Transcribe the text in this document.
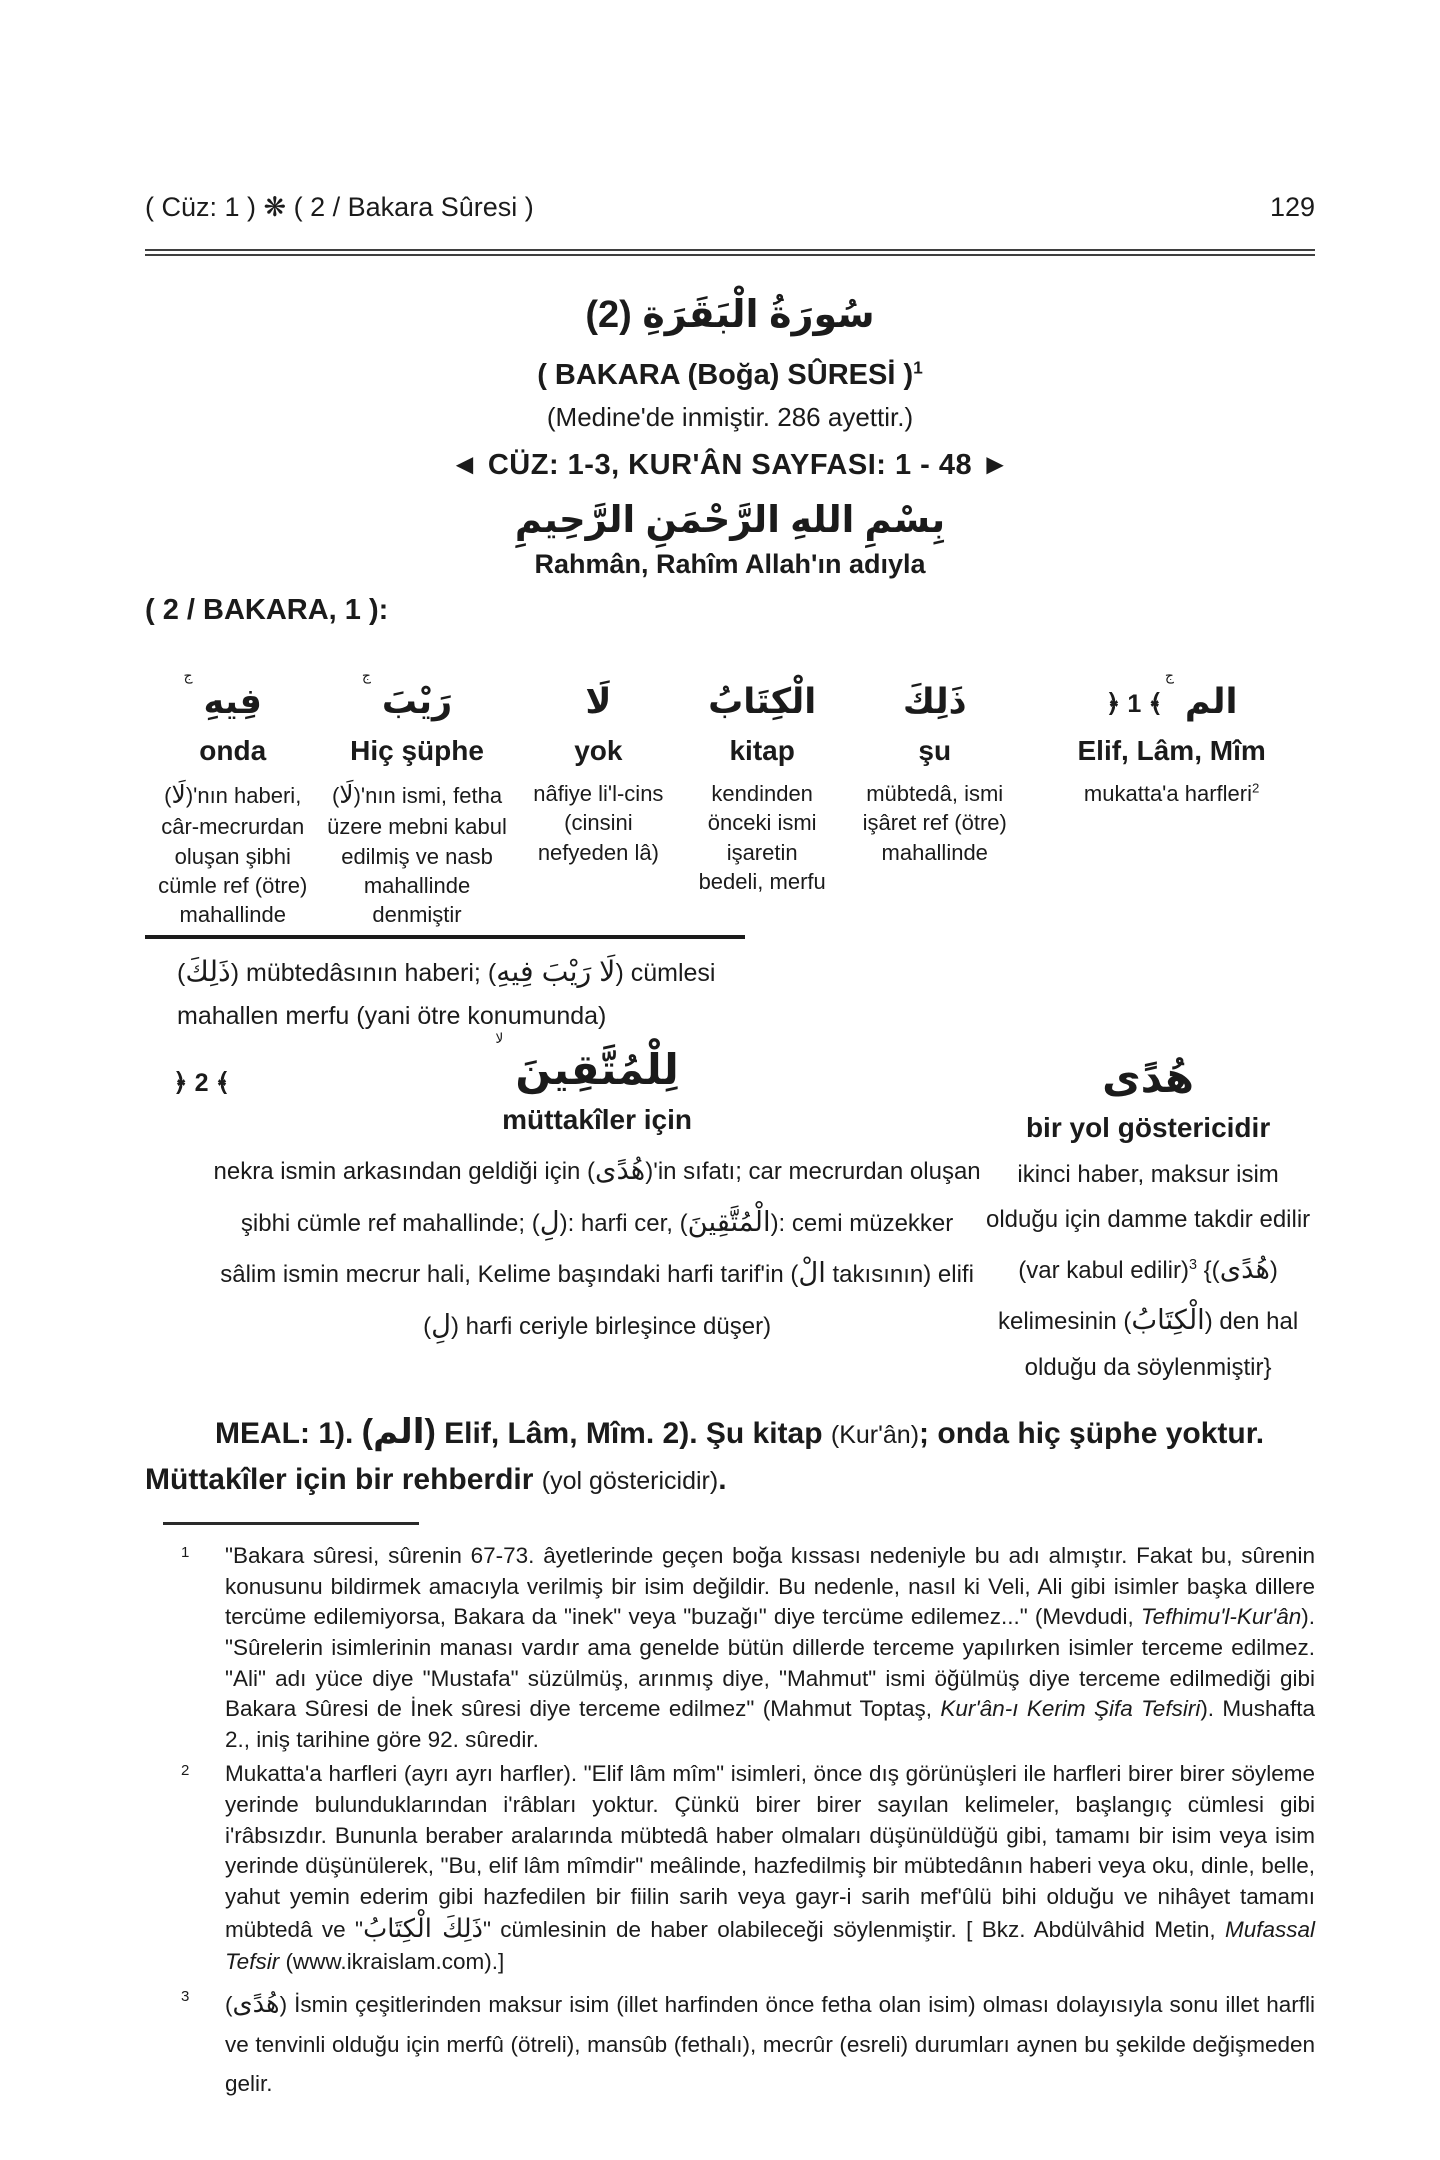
( Cüz: 1 ) ❋ ( 2 / Bakara Sûresi )	129
سُورَةُ الْبَقَرَةِ (2)
( BAKARA (Boğa) SÛRESİ )$^1$
(Medine'de inmiştir. 286 ayettir.)
◄ CÜZ: 1-3, KUR'ÂN SAYFASI: 1 - 48 ►
بِسْمِ اللهِ الرَّحْمَنِ الرَّحِيمِ
Rahmân, Rahîm Allah'ın adıyla
( 2 / BAKARA, 1 ):
ج
فِيهِ
onda
(لَا)'nın haberi, câr-mecrurdan oluşan şibhi cümle ref (ötre) mahallinde
ج
رَيْبَ
Hiç şüphe
(لَا)'nın ismi, fetha üzere mebni kabul edilmiş ve nasb mahallinde denmiştir
لَا
yok
nâfiye li'l-cins (cinsini nefyeden lâ)
الْكِتَابُ
kitap
kendinden önceki ismi işaretin bedeli, merfu
ذَلِكَ
şu
mübtedâ, ismi işâret ref (ötre) mahallinde
﴿ 1 ﴾
ج
الم
Elif, Lâm, Mîm
mukatta'a harfleri$^2$
(ذَلِكَ) mübtedâsının haberi; (لَا رَيْبَ فِيهِ) cümlesi
mahallen merfu (yani ötre konumunda)
﴿ 2 ﴾
لا
لِلْمُتَّقِينَ
müttakîler için
nekra ismin arkasından geldiği için (هُدًى)'in sıfatı; car mecrurdan oluşan şibhi cümle ref mahallinde; (لِ): harfi cer, (الْمُتَّقِينَ): cemi müzekker sâlim ismin mecrur hali, Kelime başındaki harfi tarif'in (الْ takısının) elifi (لِ) harfi ceriyle birleşince düşer)
هُدًى
bir yol göstericidir
ikinci haber, maksur isim olduğu için damme takdir edilir (var kabul edilir)$^3$ {(هُدًى) kelimesinin (الْكِتَابُ) den hal olduğu da söylenmiştir}
MEAL: 1). (الم) Elif, Lâm, Mîm. 2). Şu kitap (Kur'ân); onda hiç şüphe yoktur. Müttakîler için bir rehberdir (yol göstericidir).
1 "Bakara sûresi, sûrenin 67-73. âyetlerinde geçen boğa kıssası nedeniyle bu adı almıştır. Fakat bu, sûrenin konusunu bildirmek amacıyla verilmiş bir isim değildir. Bu nedenle, nasıl ki Veli, Ali gibi isimler başka dillere tercüme edilemiyorsa, Bakara da "inek" veya "buzağı" diye tercüme edilemez..." (Mevdudi, Tefhimu'l-Kur'ân). "Sûrelerin isimlerinin manası vardır ama genelde bütün dillerde terceme yapılırken isimler terceme edilmez. "Ali" adı yüce diye "Mustafa" süzülmüş, arınmış diye, "Mahmut" ismi öğülmüş diye terceme edilmediği gibi Bakara Sûresi de İnek sûresi diye terceme edilmez" (Mahmut Toptaş, Kur'ân-ı Kerim Şifa Tefsiri). Mushafta 2., iniş tarihine göre 92. sûredir.
2 Mukatta'a harfleri (ayrı ayrı harfler). "Elif lâm mîm" isimleri, önce dış görünüşleri ile harfleri birer birer söyleme yerinde bulunduklarından i'râbları yoktur. Çünkü birer birer sayılan kelimeler, başlangıç cümlesi gibi i'râbsızdır. Bununla beraber aralarında mübtedâ haber olmaları düşünüldüğü gibi, tamamı bir isim veya isim yerinde düşünülerek, "Bu, elif lâm mîmdir" meâlinde, hazfedilmiş bir mübtedânın haberi veya oku, dinle, belle, yahut yemin ederim gibi hazfedilen bir fiilin sarih veya gayr-i sarih mef'ûlü bihi olduğu ve nihâyet tamamı mübtedâ ve "ذَلِكَ الْكِتَابُ" cümlesinin de haber olabileceği söylenmiştir. [ Bkz. Abdülvâhid Metin, Mufassal Tefsir (www.ikraislam.com).]
3 (هُدًى) İsmin çeşitlerinden maksur isim (illet harfinden önce fetha olan isim) olması dolayısıyla sonu illet harfli ve tenvinli olduğu için merfû (ötreli), mansûb (fethalı), mecrûr (esreli) durumları aynen bu şekilde değişmeden gelir.
